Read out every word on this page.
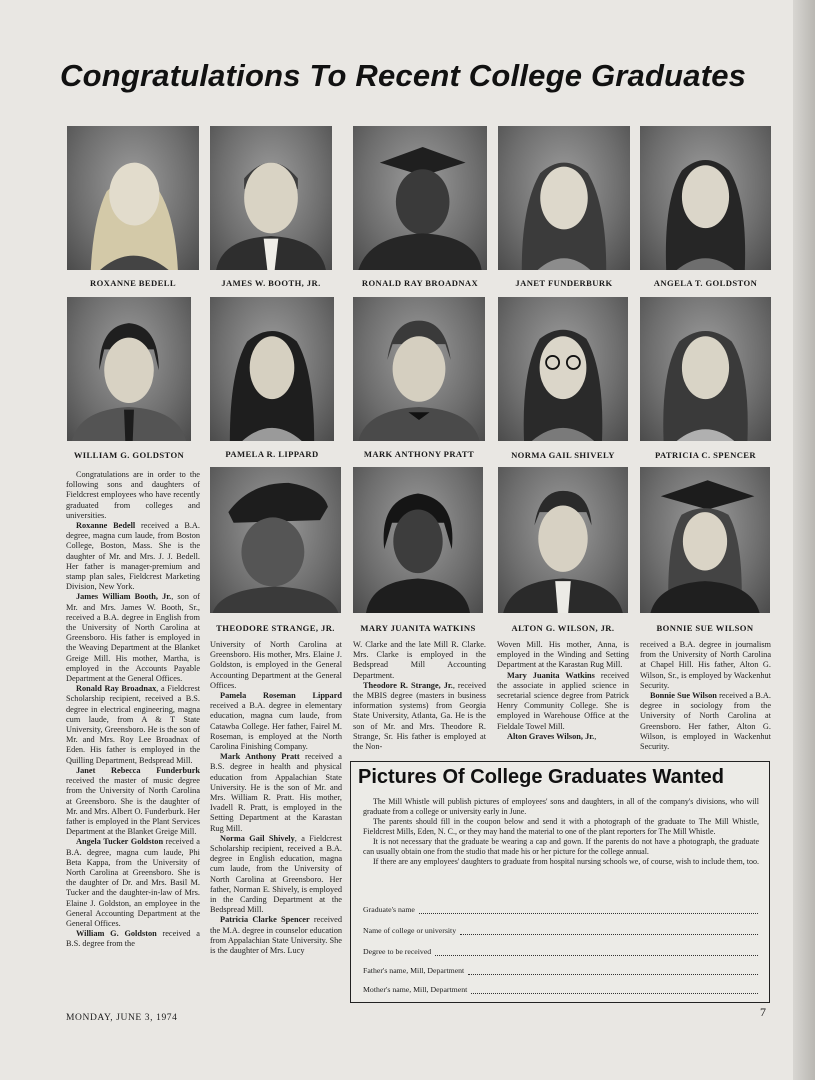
Congratulations To Recent College Graduates
ROXANNE BEDELL	JAMES W. BOOTH, JR.	RONALD RAY BROADNAX	JANET FUNDERBURK	ANGELA T. GOLDSTON
WILLIAM G. GOLDSTON	PAMELA R. LIPPARD	MARK ANTHONY PRATT	NORMA GAIL SHIVELY	PATRICIA C. SPENCER
THEODORE STRANGE, JR.	MARY JUANITA WATKINS	ALTON G. WILSON, JR.	BONNIE SUE WILSON

Congratulations are in order to the following sons and daughters of Fieldcrest employees who have recently graduated from colleges and universities.

Roxanne Bedell received a B.A. degree, magna cum laude, from Boston College, Boston, Mass. She is the daughter of Mr. and Mrs. J. J. Bedell. Her father is manager-premium and stamp plan sales, Fieldcrest Marketing Division, New York.

James William Booth, Jr., son of Mr. and Mrs. James W. Booth, Sr., received a B.A. degree in English from the University of North Carolina at Greensboro. His father is employed in the Weaving Department at the Blanket Greige Mill. His mother, Martha, is employed in the Accounts Payable Department at the General Offices.

Ronald Ray Broadnax, a Fieldcrest Scholarship recipient, received a B.S. degree in electrical engineering, magna cum laude, from A & T State University, Greensboro. He is the son of Mr. and Mrs. Roy Lee Broadnax of Eden. His father is employed in the Quilling Department, Bedspread Mill.

Janet Rebecca Funderburk received the master of music degree from the University of North Carolina at Greensboro. She is the daughter of Mr. and Mrs. Albert O. Funderburk. Her father is employed in the Plant Services Department at the Blanket Greige Mill.

Angela Tucker Goldston received a B.A. degree, magna cum laude, Phi Beta Kappa, from the University of North Carolina at Greensboro. She is the daughter of Dr. and Mrs. Basil M. Tucker and the daughter-in-law of Mrs. Elaine J. Goldston, an employee in the General Accounting Department at the General Offices.

William G. Goldston received a B.S. degree from the

University of North Carolina at Greensboro. His mother, Mrs. Elaine J. Goldston, is employed in the General Accounting Department at the General Offices.

Pamela Roseman Lippard received a B.A. degree in elementary education, magna cum laude, from Catawba College. Her father, Fairel M. Roseman, is employed at the North Carolina Finishing Company.

Mark Anthony Pratt received a B.S. degree in health and physical education from Appalachian State University. He is the son of Mr. and Mrs. William R. Pratt. His mother, Ivadell R. Pratt, is employed in the Setting Department at the Karastan Rug Mill.

Norma Gail Shively, a Fieldcrest Scholarship recipient, received a B.A. degree in English education, magna cum laude, from the University of North Carolina at Greensboro. Her father, Norman E. Shively, is employed in the Carding Department at the Bedspread Mill.

Patricia Clarke Spencer received the M.A. degree in counselor education from Appalachian State University. She is the daughter of Mrs. Lucy

W. Clarke and the late Mill R. Clarke. Mrs. Clarke is employed in the Bedspread Mill Accounting Department.

Theodore R. Strange, Jr., received the MBIS degree (masters in business information systems) from Georgia State University, Atlanta, Ga. He is the son of Mr. and Mrs. Theodore R. Strange, Sr. His father is employed at the Non-

Woven Mill. His mother, Anna, is employed in the Winding and Setting Department at the Karastan Rug Mill.

Mary Juanita Watkins received the associate in applied science in secretarial science degree from Patrick Henry Community College. She is employed in Warehouse Office at the Fieldale Towel Mill.

Alton Graves Wilson, Jr.,

received a B.A. degree in journalism from the University of North Carolina at Chapel Hill. His father, Alton G. Wilson, Sr., is employed by Wackenhut Security.

Bonnie Sue Wilson received a B.A. degree in sociology from the University of North Carolina at Greensboro. Her father, Alton G. Wilson, is employed in Wackenhut Security.

Pictures Of College Graduates Wanted

The Mill Whistle will publish pictures of employees' sons and daughters, in all of the company's divisions, who will graduate from a college or university early in June.

The parents should fill in the coupon below and send it with a photograph of the graduate to The Mill Whistle, Fieldcrest Mills, Eden, N. C., or they may hand the material to one of the plant reporters for The Mill Whistle.

It is not necessary that the graduate be wearing a cap and gown. If the parents do not have a photograph, the graduate can usually obtain one from the studio that made his or her picture for the college annual.

If there are any employees' daughters to graduate from hospital nursing schools we, of course, wish to include them, too.

Graduate's name
Name of college or university
Degree to be received
Father's name, Mill, Department
Mother's name, Mill, Department
MONDAY, JUNE 3, 1974	7
